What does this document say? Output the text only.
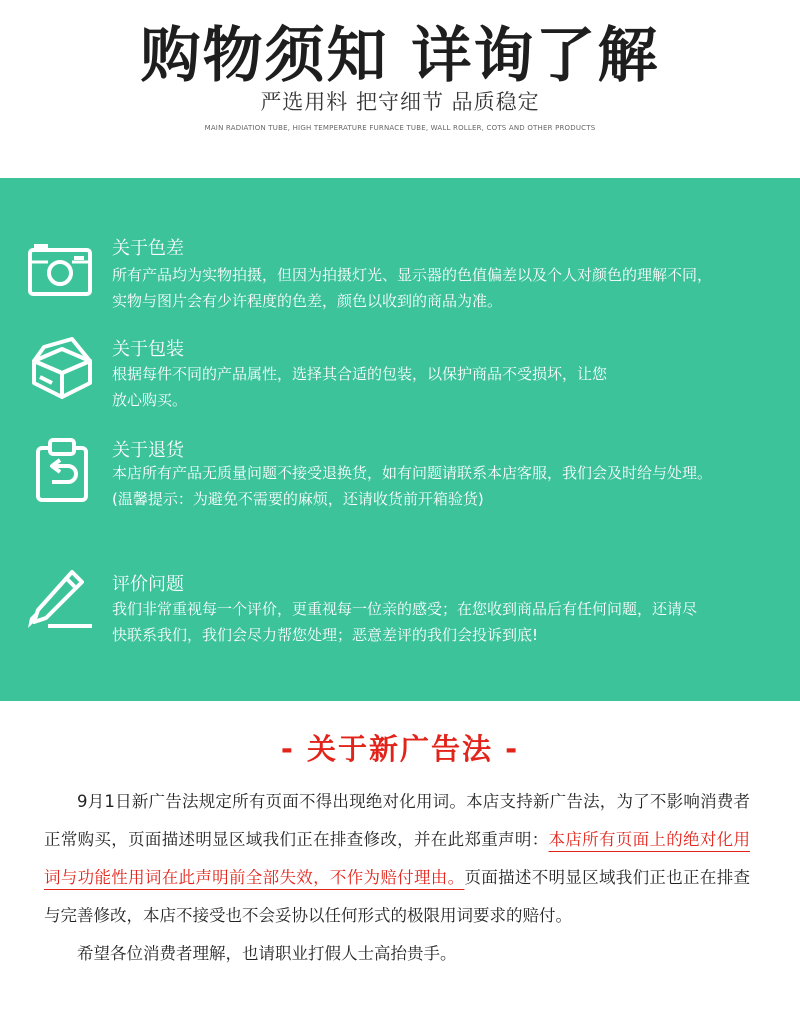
购物须知 详询了解
严选用料 把守细节 品质稳定
MAIN RADIATION TUBE, HIGH TEMPERATURE FURNACE TUBE, WALL ROLLER, COTS AND OTHER PRODUCTS
关于色差
所有产品均为实物拍摄，但因为拍摄灯光、显示器的色值偏差以及个人对颜色的理解不同，
实物与图片会有少许程度的色差，颜色以收到的商品为准。
关于包装
根据每件不同的产品属性，选择其合适的包装，以保护商品不受损坏，让您
放心购买。
关于退货
本店所有产品无质量问题不接受退换货，如有问题请联系本店客服，我们会及时给与处理。
(温馨提示：为避免不需要的麻烦，还请收货前开箱验货)
评价问题
我们非常重视每一个评价，更重视每一位亲的感受；在您收到商品后有任何问题，还请尽
快联系我们，我们会尽力帮您处理；恶意差评的我们会投诉到底!
- 关于新广告法 -

9月1日新广告法规定所有页面不得出现绝对化用词。本店支持新广告法，为了不影响消费者正常购买，页面描述明显区域我们正在排查修改，并在此郑重声明：本店所有页面上的绝对化用词与功能性用词在此声明前全部失效，不作为赔付理由。页面描述不明显区域我们正也正在排查与完善修改，本店不接受也不会妥协以任何形式的极限用词要求的赔付。

希望各位消费者理解，也请职业打假人士高抬贵手。
